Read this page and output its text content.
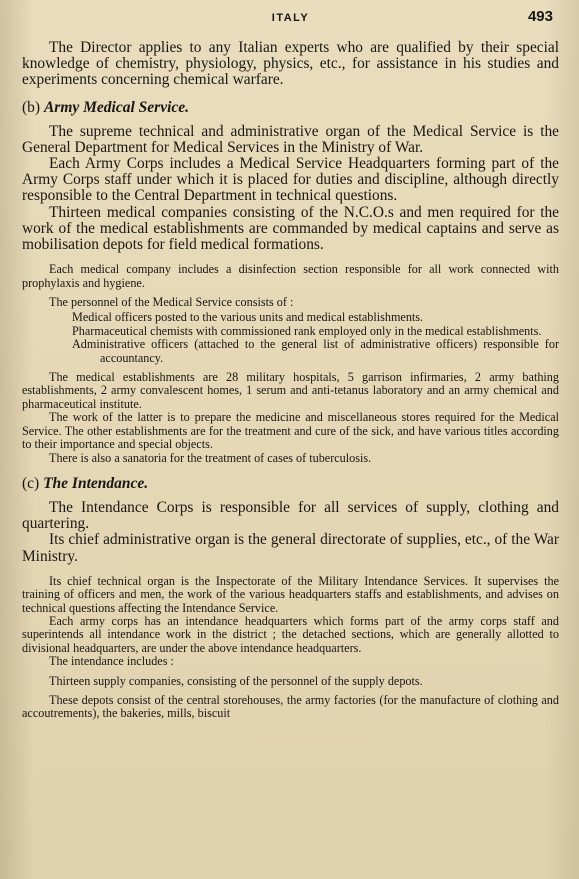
ITALY	493

The Director applies to any Italian experts who are qualified by their special knowledge of chemistry, physiology, physics, etc., for assistance in his studies and experiments concerning chemical warfare.

(b) Army Medical Service.

The supreme technical and administrative organ of the Medical Service is the General Department for Medical Services in the Ministry of War.

Each Army Corps includes a Medical Service Headquarters forming part of the Army Corps staff under which it is placed for duties and discipline, although directly responsible to the Central Department in technical questions.

Thirteen medical companies consisting of the N.C.O.s and men required for the work of the medical establishments are commanded by medical captains and serve as mobilisation depots for field medical formations.

Each medical company includes a disinfection section responsible for all work connected with prophylaxis and hygiene.

The personnel of the Medical Service consists of :

Medical officers posted to the various units and medical establishments.

Pharmaceutical chemists with commissioned rank employed only in the medical establishments.

Administrative officers (attached to the general list of administrative officers) responsible for accountancy.

The medical establishments are 28 military hospitals, 5 garrison infirmaries, 2 army bathing establishments, 2 army convalescent homes, 1 serum and anti-tetanus laboratory and an army chemical and pharmaceutical institute.

The work of the latter is to prepare the medicine and miscellaneous stores required for the Medical Service. The other establishments are for the treatment and cure of the sick, and have various titles according to their importance and special objects.

There is also a sanatoria for the treatment of cases of tuberculosis.

(c) The Intendance.

The Intendance Corps is responsible for all services of supply, clothing and quartering.

Its chief administrative organ is the general directorate of supplies, etc., of the War Ministry.

Its chief technical organ is the Inspectorate of the Military Intendance Services. It supervises the training of officers and men, the work of the various headquarters staffs and establishments, and advises on technical questions affecting the Intendance Service.

Each army corps has an intendance headquarters which forms part of the army corps staff and superintends all intendance work in the district ; the detached sections, which are generally allotted to divisional headquarters, are under the above intendance headquarters.

The intendance includes :

Thirteen supply companies, consisting of the personnel of the supply depots.

These depots consist of the central storehouses, the army factories (for the manufacture of clothing and accoutrements), the bakeries, mills, biscuit
